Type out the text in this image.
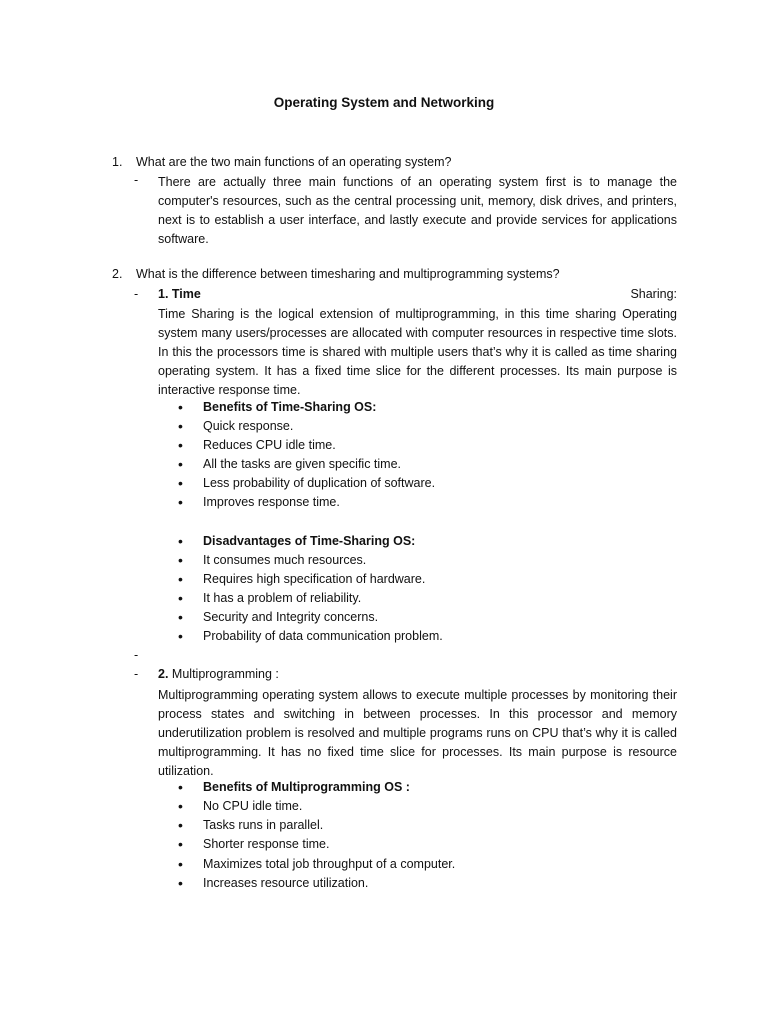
Operating System and Networking
1. What are the two main functions of an operating system?
- There are actually three main functions of an operating system first is to manage the computer's resources, such as the central processing unit, memory, disk drives, and printers, next is to establish a user interface, and lastly execute and provide services for applications software.
2. What is the difference between timesharing and multiprogramming systems?
- 1. Time	Sharing:
Time Sharing is the logical extension of multiprogramming, in this time sharing Operating system many users/processes are allocated with computer resources in respective time slots. In this the processors time is shared with multiple users that’s why it is called as time sharing operating system. It has a fixed time slice for the different processes. Its main purpose is interactive response time.
• Benefits of Time-Sharing OS:
• Quick response.
• Reduces CPU idle time.
• All the tasks are given specific time.
• Less probability of duplication of software.
• Improves response time.
• Disadvantages of Time-Sharing OS:
• It consumes much resources.
• Requires high specification of hardware.
• It has a problem of reliability.
• Security and Integrity concerns.
• Probability of data communication problem.
-
- 2. Multiprogramming :
Multiprogramming operating system allows to execute multiple processes by monitoring their process states and switching in between processes. In this processor and memory underutilization problem is resolved and multiple programs runs on CPU that’s why it is called multiprogramming. It has no fixed time slice for processes. Its main purpose is resource utilization.
• Benefits of Multiprogramming OS :
• No CPU idle time.
• Tasks runs in parallel.
• Shorter response time.
• Maximizes total job throughput of a computer.
• Increases resource utilization.
